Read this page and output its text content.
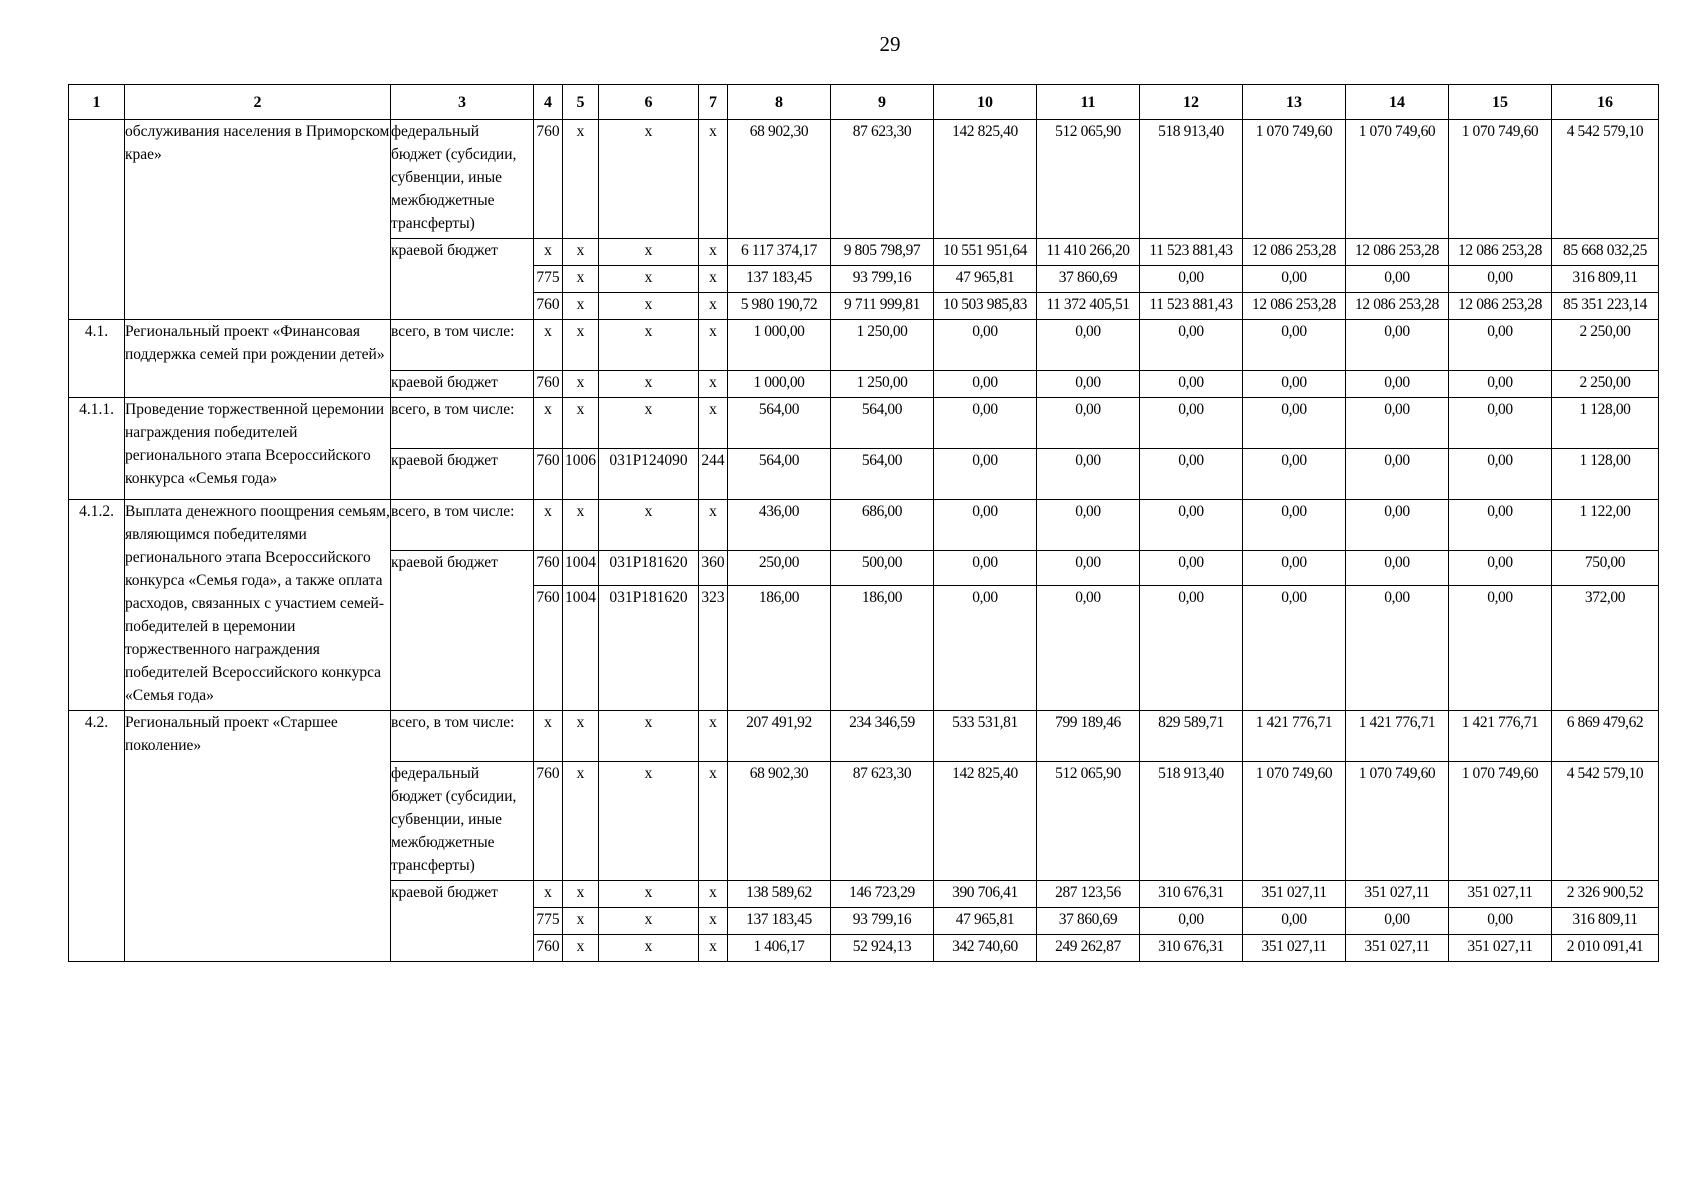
29
1	2	3	4	5	6	7	8	9	10	11	12	13	14	15	16
	обслуживания населения в Приморском крае»	федеральный бюджет (субсидии, субвенции, иные межбюджетные трансферты)	760	x	x	x	68 902,30	87 623,30	142 825,40	512 065,90	518 913,40	1 070 749,60	1 070 749,60	1 070 749,60	4 542 579,10
		краевой бюджет	x	x	x	x	6 117 374,17	9 805 798,97	10 551 951,64	11 410 266,20	11 523 881,43	12 086 253,28	12 086 253,28	12 086 253,28	85 668 032,25
			775	x	x	x	137 183,45	93 799,16	47 965,81	37 860,69	0,00	0,00	0,00	0,00	316 809,11
			760	x	x	x	5 980 190,72	9 711 999,81	10 503 985,83	11 372 405,51	11 523 881,43	12 086 253,28	12 086 253,28	12 086 253,28	85 351 223,14
4.1.	Региональный проект «Финансовая поддержка семей при рождении детей»	всего, в том числе:	x	x	x	x	1 000,00	1 250,00	0,00	0,00	0,00	0,00	0,00	0,00	2 250,00
		краевой бюджет	760	x	x	x	1 000,00	1 250,00	0,00	0,00	0,00	0,00	0,00	0,00	2 250,00
4.1.1.	Проведение торжественной церемонии награждения победителей регионального этапа Всероссийского конкурса «Семья года»	всего, в том числе:	x	x	x	x	564,00	564,00	0,00	0,00	0,00	0,00	0,00	0,00	1 128,00
		краевой бюджет	760	1006	031P124090	244	564,00	564,00	0,00	0,00	0,00	0,00	0,00	0,00	1 128,00
4.1.2.	Выплата денежного поощрения семьям, являющимся победителями регионального этапа Всероссийского конкурса «Семья года», а также оплата расходов, связанных с участием семей-победителей в церемонии торжественного награждения победителей Всероссийского конкурса «Семья года»	всего, в том числе:	x	x	x	x	436,00	686,00	0,00	0,00	0,00	0,00	0,00	0,00	1 122,00
		краевой бюджет	760	1004	031P181620	360	250,00	500,00	0,00	0,00	0,00	0,00	0,00	0,00	750,00
			760	1004	031P181620	323	186,00	186,00	0,00	0,00	0,00	0,00	0,00	0,00	372,00
4.2.	Региональный проект «Старшее поколение»	всего, в том числе:	x	x	x	x	207 491,92	234 346,59	533 531,81	799 189,46	829 589,71	1 421 776,71	1 421 776,71	1 421 776,71	6 869 479,62
		федеральный бюджет (субсидии, субвенции, иные межбюджетные трансферты)	760	x	x	x	68 902,30	87 623,30	142 825,40	512 065,90	518 913,40	1 070 749,60	1 070 749,60	1 070 749,60	4 542 579,10
		краевой бюджет	x	x	x	x	138 589,62	146 723,29	390 706,41	287 123,56	310 676,31	351 027,11	351 027,11	351 027,11	2 326 900,52
			775	x	x	x	137 183,45	93 799,16	47 965,81	37 860,69	0,00	0,00	0,00	0,00	316 809,11
			760	x	x	x	1 406,17	52 924,13	342 740,60	249 262,87	310 676,31	351 027,11	351 027,11	351 027,11	2 010 091,41
